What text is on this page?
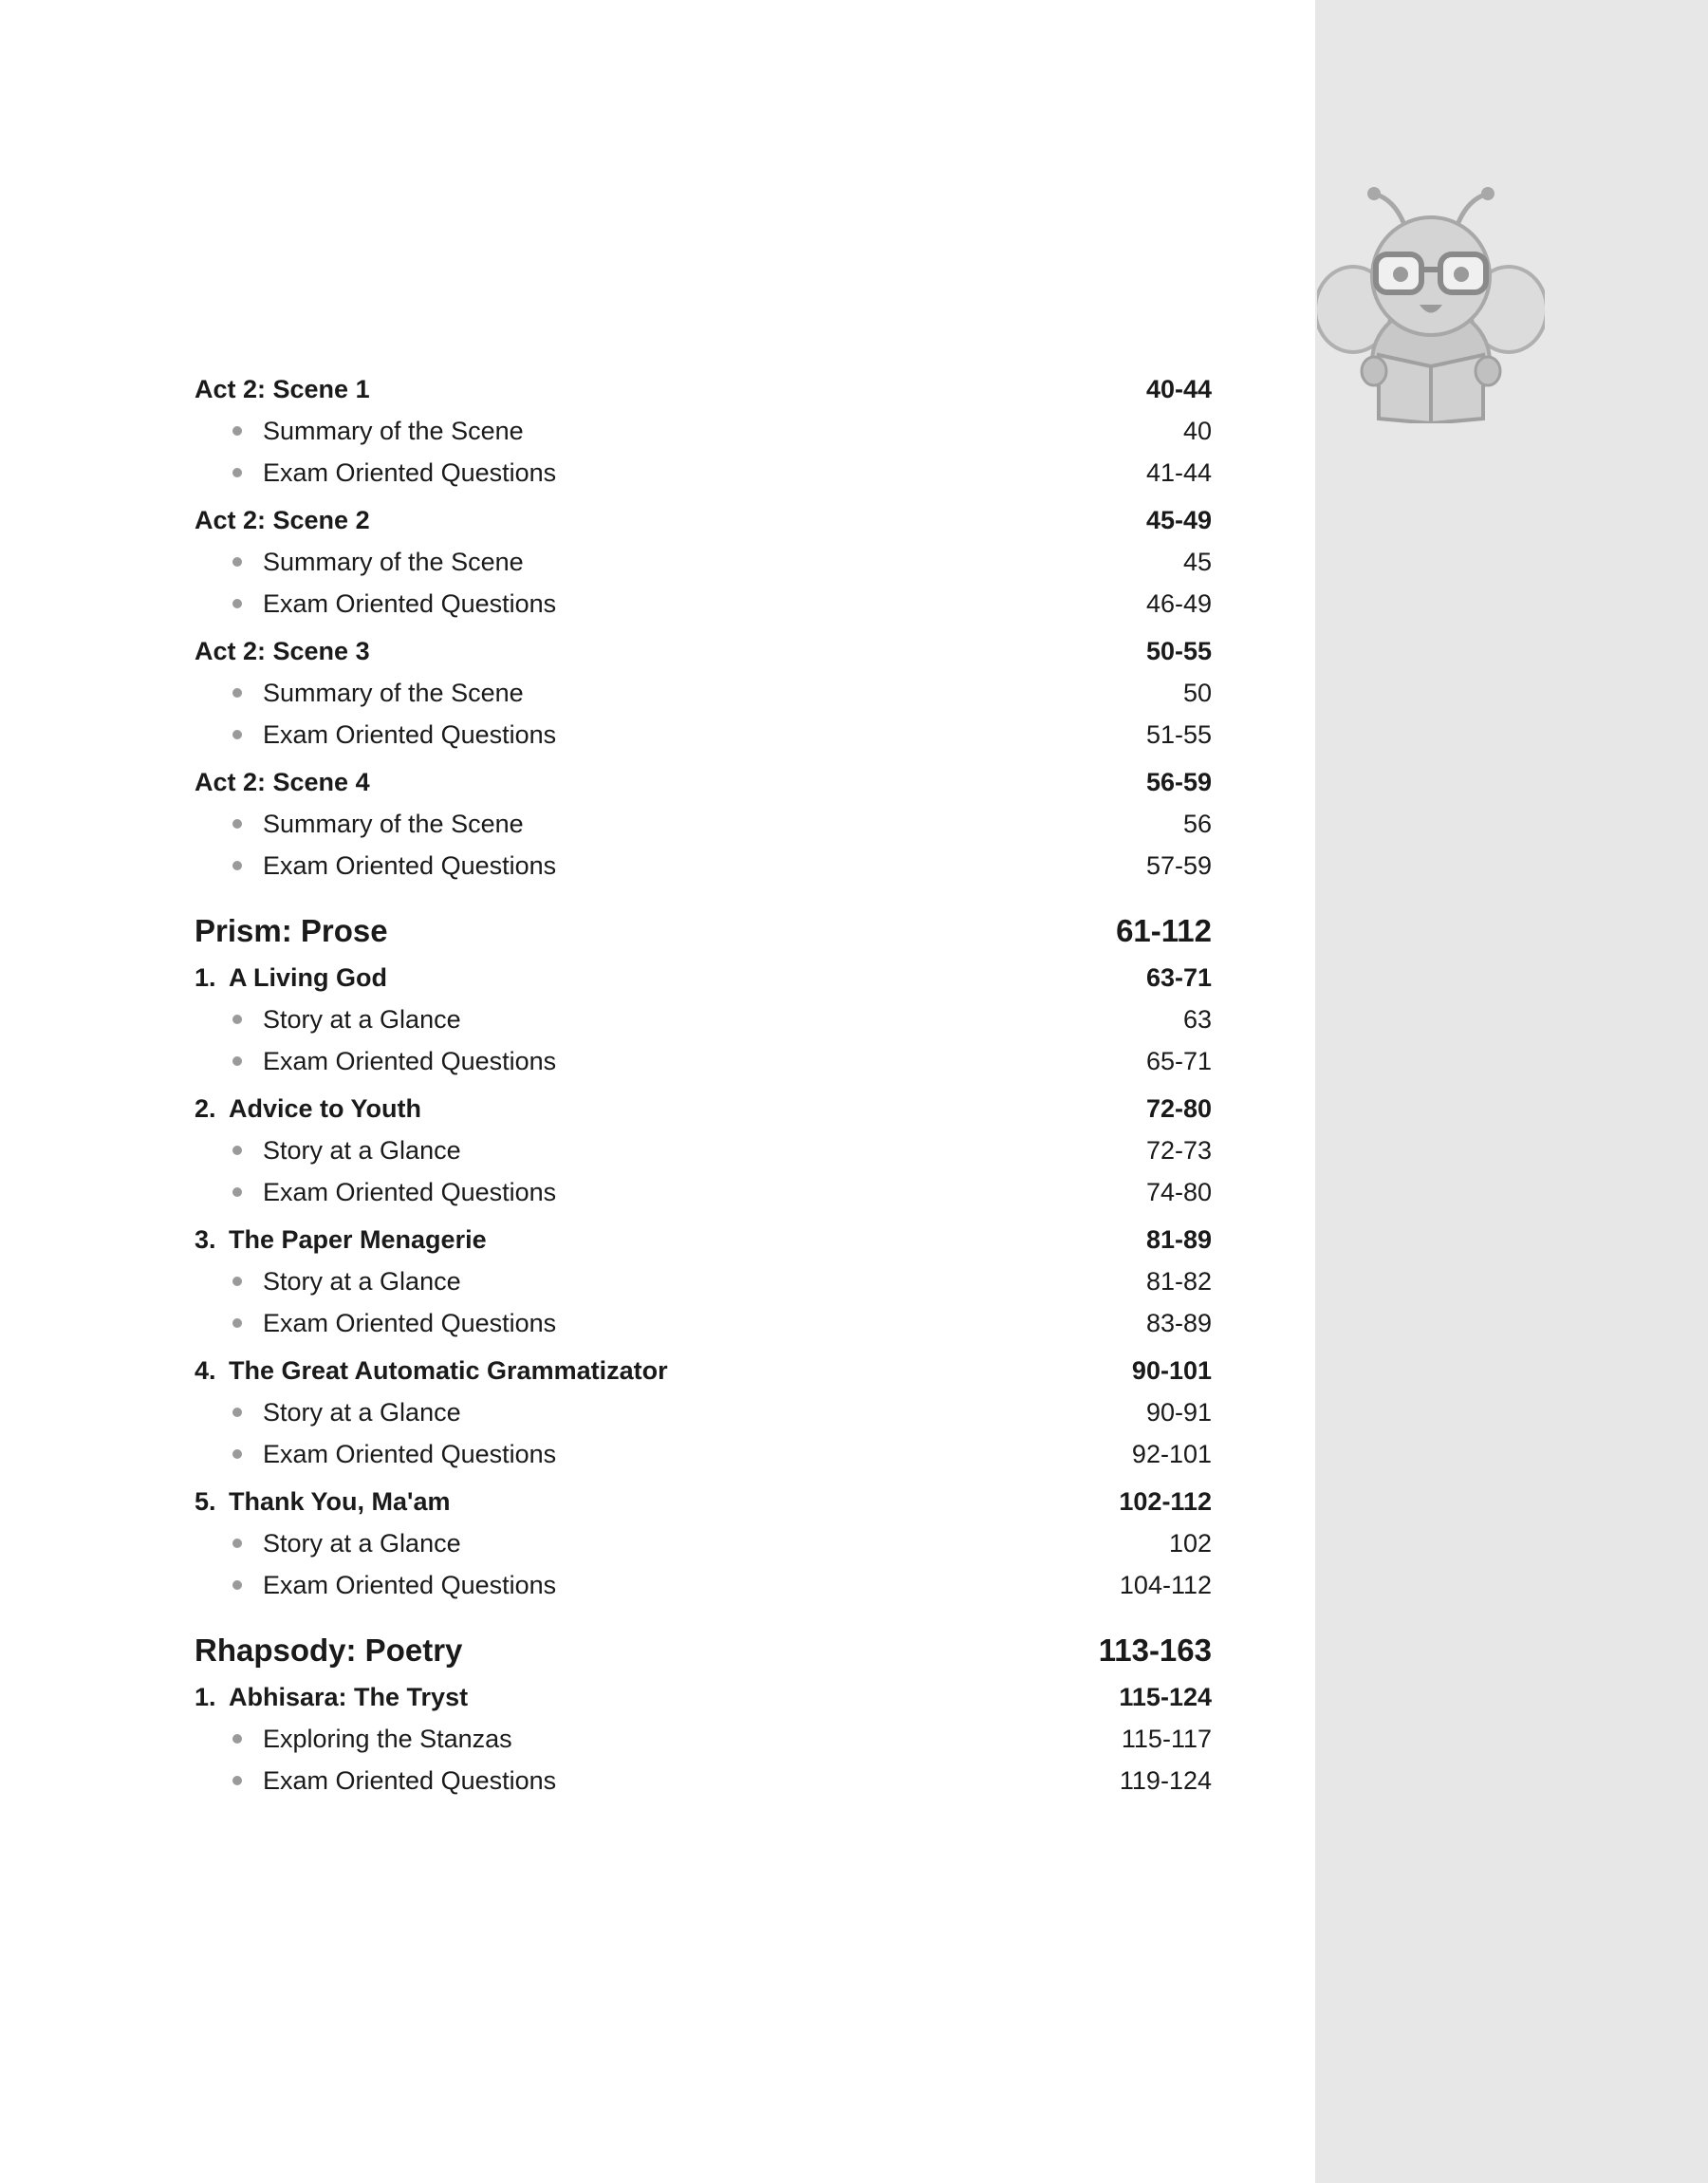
Act 2: Scene 1	40-44
Summary of the Scene	40
Exam Oriented Questions	41-44
Act 2: Scene 2	45-49
Summary of the Scene	45
Exam Oriented Questions	46-49
Act 2: Scene 3	50-55
Summary of the Scene	50
Exam Oriented Questions	51-55
Act 2: Scene 4	56-59
Summary of the Scene	56
Exam Oriented Questions	57-59
Prism: Prose	61-112
1. A Living God	63-71
Story at a Glance	63
Exam Oriented Questions	65-71
2. Advice to Youth	72-80
Story at a Glance	72-73
Exam Oriented Questions	74-80
3. The Paper Menagerie	81-89
Story at a Glance	81-82
Exam Oriented Questions	83-89
4. The Great Automatic Grammatizator	90-101
Story at a Glance	90-91
Exam Oriented Questions	92-101
5. Thank You, Ma'am	102-112
Story at a Glance	102
Exam Oriented Questions	104-112
Rhapsody: Poetry	113-163
1. Abhisara: The Tryst	115-124
Exploring the Stanzas	115-117
Exam Oriented Questions	119-124
